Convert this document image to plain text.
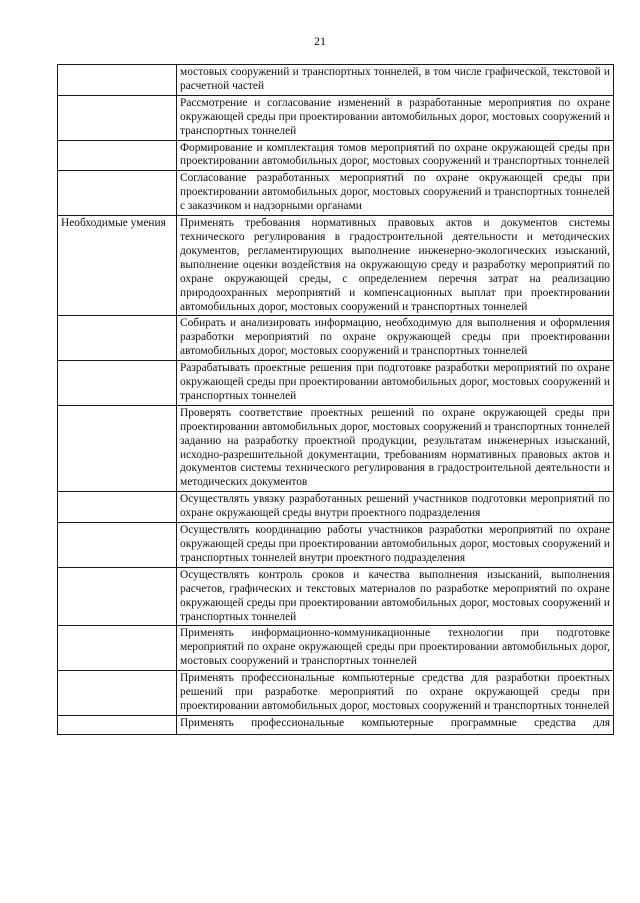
21
	мостовых сооружений и транспортных тоннелей, в том числе графической, текстовой и расчетной частей
	Рассмотрение и согласование изменений в разработанные мероприятия по охране окружающей среды при проектировании автомобильных дорог, мостовых сооружений и транспортных тоннелей
	Формирование и комплектация томов мероприятий по охране окружающей среды при проектировании автомобильных дорог, мостовых сооружений и транспортных тоннелей
	Согласование разработанных мероприятий по охране окружающей среды при проектировании автомобильных дорог, мостовых сооружений и транспортных тоннелей с заказчиком и надзорными органами
Необходимые умения	Применять требования нормативных правовых актов и документов системы технического регулирования в градостроительной деятельности и методических документов, регламентирующих выполнение инженерно-экологических изысканий, выполнение оценки воздействия на окружающую среду и разработку мероприятий по охране окружающей среды, с определением перечня затрат на реализацию природоохранных мероприятий и компенсационных выплат при проектировании автомобильных дорог, мостовых сооружений и транспортных тоннелей
	Собирать и анализировать информацию, необходимую для выполнения и оформления разработки мероприятий по охране окружающей среды при проектировании автомобильных дорог, мостовых сооружений и транспортных тоннелей
	Разрабатывать проектные решения при подготовке разработки мероприятий по охране окружающей среды при проектировании автомобильных дорог, мостовых сооружений и транспортных тоннелей
	Проверять соответствие проектных решений по охране окружающей среды при проектировании автомобильных дорог, мостовых сооружений и транспортных тоннелей заданию на разработку проектной продукции, результатам инженерных изысканий, исходно-разрешительной документации, требованиям нормативных правовых актов и документов системы технического регулирования в градостроительной деятельности и методических документов
	Осуществлять увязку разработанных решений участников подготовки мероприятий по охране окружающей среды внутри проектного подразделения
	Осуществлять координацию работы участников разработки мероприятий по охране окружающей среды при проектировании автомобильных дорог, мостовых сооружений и транспортных тоннелей внутри проектного подразделения
	Осуществлять контроль сроков и качества выполнения изысканий, выполнения расчетов, графических и текстовых материалов по разработке мероприятий по охране окружающей среды при проектировании автомобильных дорог, мостовых сооружений и транспортных тоннелей
	Применять информационно-коммуникационные технологии при подготовке мероприятий по охране окружающей среды при проектировании автомобильных дорог, мостовых сооружений и транспортных тоннелей
	Применять профессиональные компьютерные средства для разработки проектных решений при разработке мероприятий по охране окружающей среды при проектировании автомобильных дорог, мостовых сооружений и транспортных тоннелей
	Применять профессиональные компьютерные программные средства для
